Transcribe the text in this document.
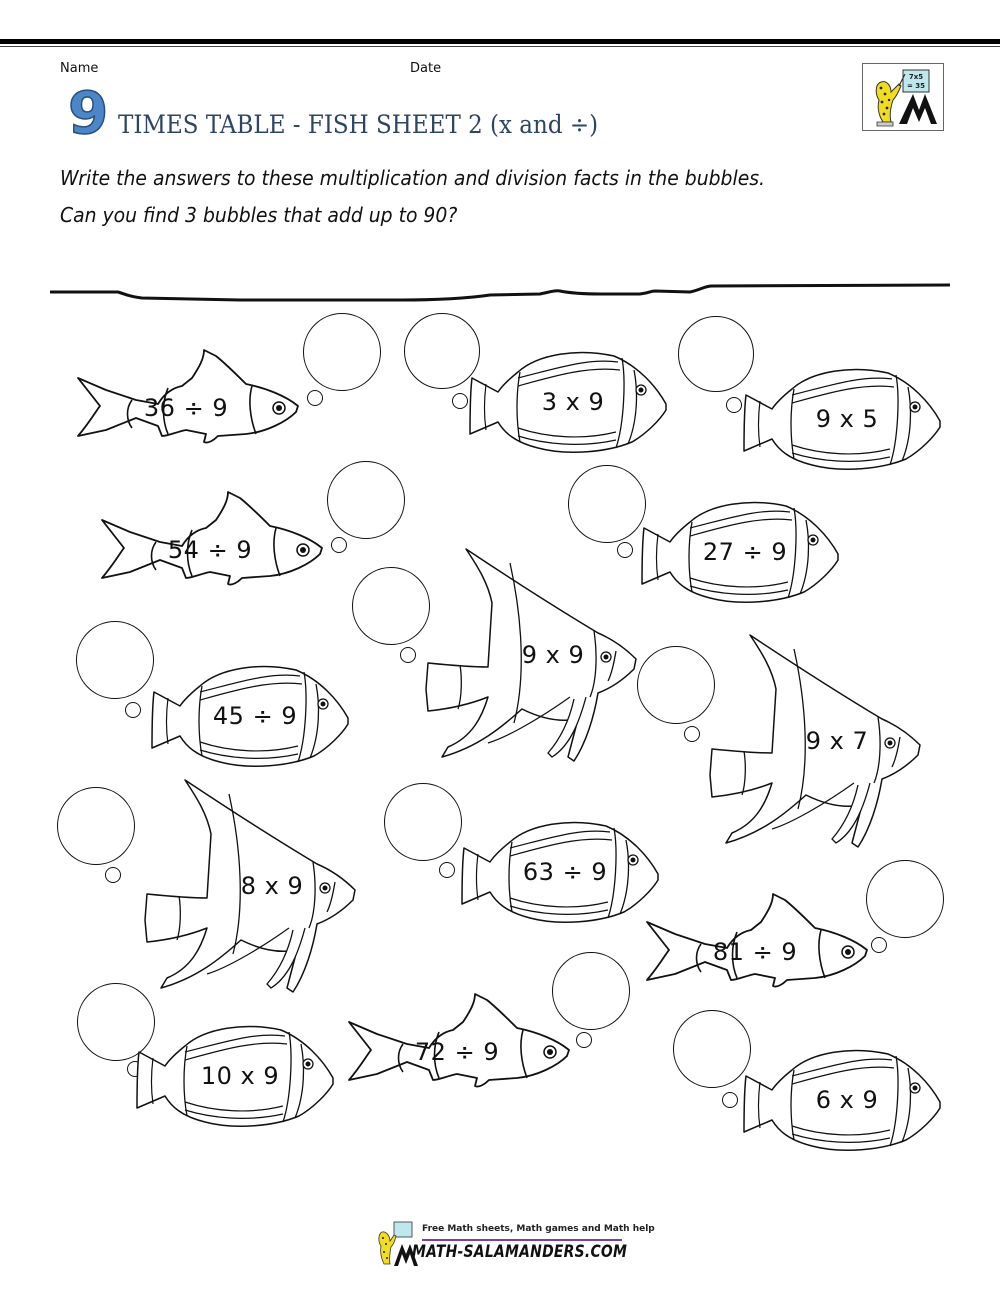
Name	Date
9 TIMES TABLE - FISH SHEET 2 (x and ÷)
7x5
= 35
Write the answers to these multiplication and division facts in the bubbles.
Can you find 3 bubbles that add up to 90?
36 ÷ 9	3 x 9
9 x 5
54 ÷ 9	27 ÷ 9
9 x 9
45 ÷ 9
9 x 7
8 x 9	63 ÷ 9
81 ÷ 9
10 x 9
72 ÷ 9
6 x 9
Free Math sheets, Math games and Math help
MATH-SALAMANDERS.COM
